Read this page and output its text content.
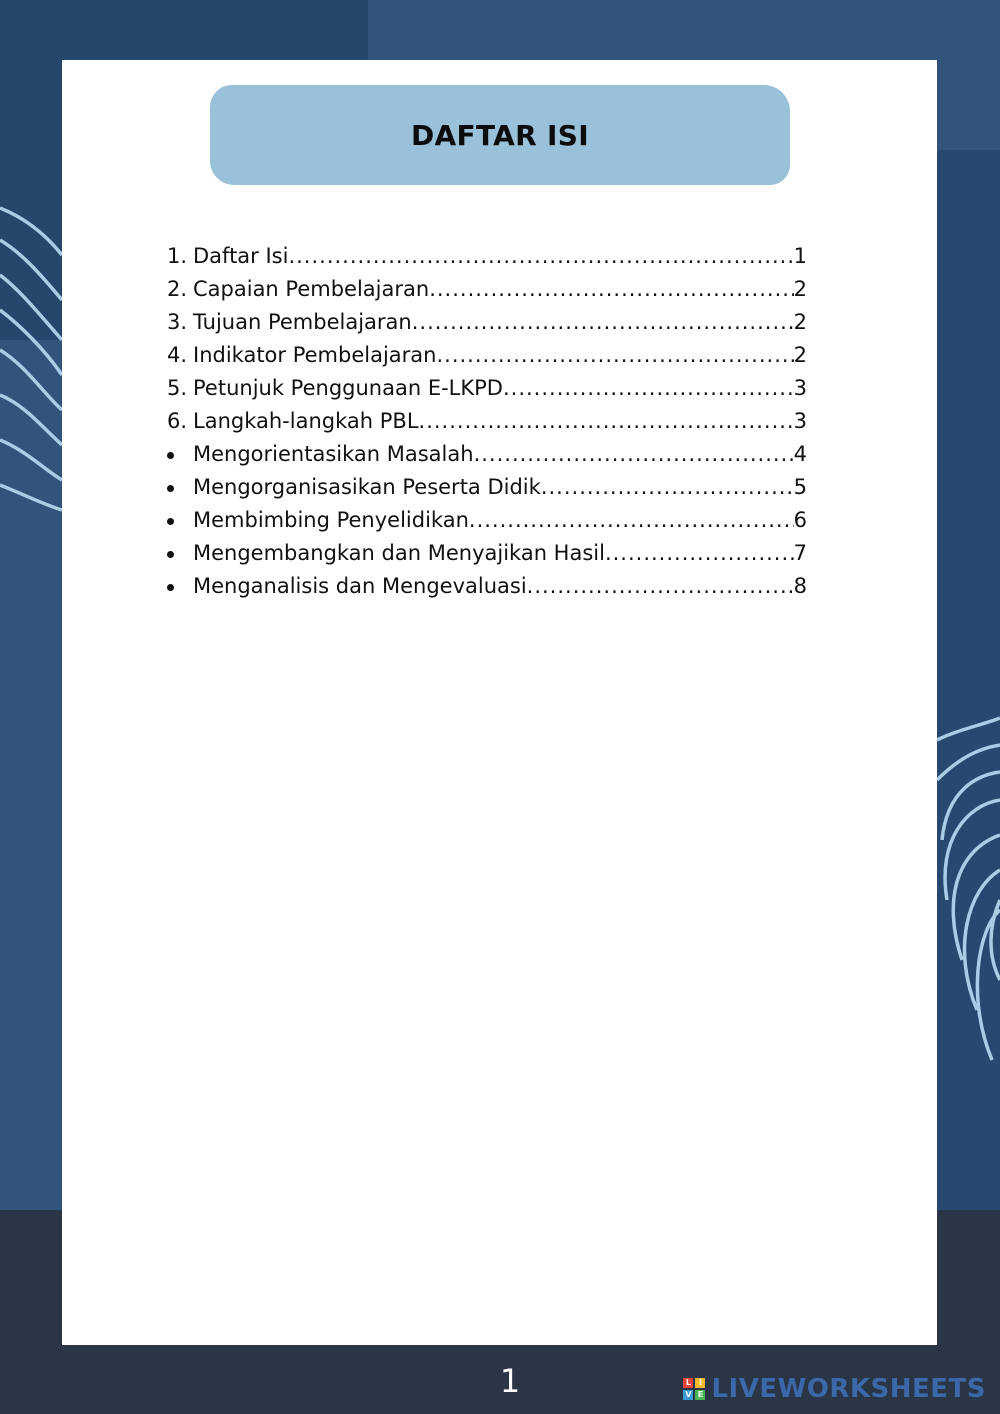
DAFTAR ISI
1. Daftar Isi .....	1
2. Capaian Pembelajaran .....	2
3. Tujuan Pembelajaran .....	2
4. Indikator Pembelajaran .....	2
5. Petunjuk Penggunaan E-LKPD .....	3
6. Langkah-langkah PBL .....	3
Mengorientasikan Masalah .....	4
Mengorganisasikan Peserta Didik .....	5
Membimbing Penyelidikan .....	6
Mengembangkan dan Menyajikan Hasil .....	7
Menganalisis dan Mengevaluasi .....	8
1	L I
V E LIVEWORKSHEETS
